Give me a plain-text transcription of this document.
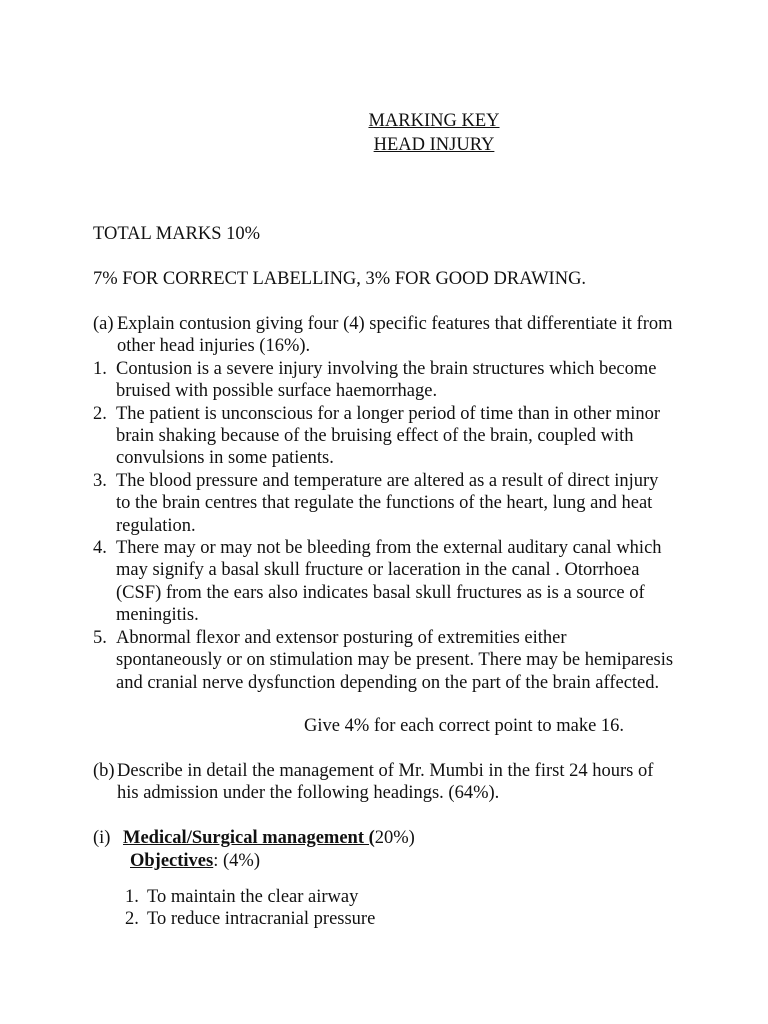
MARKING KEY
HEAD INJURY

TOTAL MARKS 10%

7% FOR CORRECT LABELLING, 3% FOR GOOD DRAWING.

(a) Explain contusion giving four (4) specific features that differentiate it from other head injuries (16%).
1. Contusion is a severe injury involving the brain structures which become bruised with possible surface haemorrhage.
2. The patient is unconscious for a longer period of time than in other minor brain shaking because of the bruising effect of the brain, coupled with convulsions in some patients.
3. The blood pressure and temperature are altered as a result of direct injury to the brain centres that regulate the functions of the heart, lung and heat regulation.
4. There may or may not be bleeding from the external auditary canal which may signify a basal skull fructure or laceration in the canal . Otorrhoea (CSF) from the ears also indicates basal skull fructures as is a source of meningitis.
5. Abnormal flexor and extensor posturing of extremities either spontaneously or on stimulation may be present. There may be hemiparesis and cranial nerve dysfunction depending on the part of the brain affected.

Give 4% for each correct point to make 16.

(b) Describe in detail the management of Mr. Mumbi in the first 24 hours of his admission under the following headings. (64%).

(i) Medical/Surgical management (20%)

Objectives: (4%)

1. To maintain the clear airway
2. To reduce intracranial pressure
